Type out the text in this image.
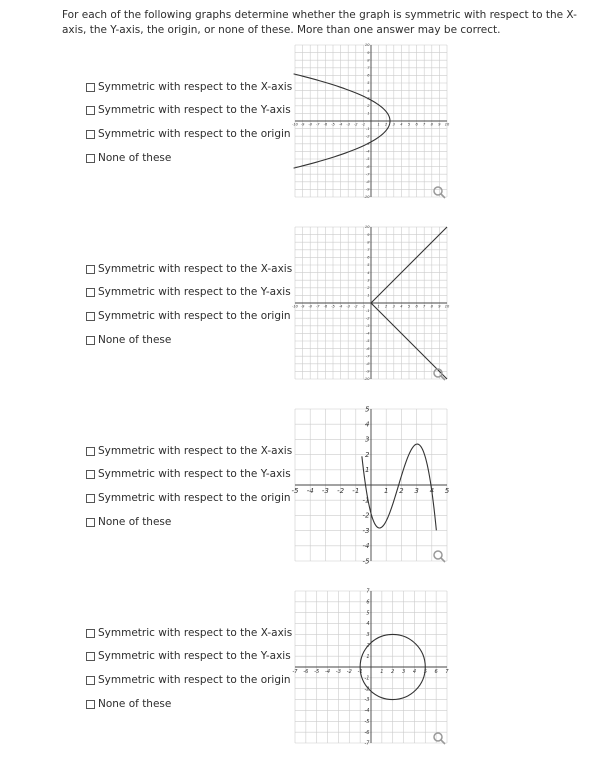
For each of the following graphs determine whether the graph is symmetric with respect to the X-axis, the Y-axis, the origin, or none of these. More than one answer may be correct.
Symmetric with respect to the X-axis
Symmetric with respect to the Y-axis
Symmetric with respect to the origin
None of these
-10 -9 -8 -7 -6 -5 -4 -3 -2 -1	1 2 3 4 5 6 7 8 9 10
10
9
8
7
6
5
4
3
2
1
-1
-2
-3
-4
-5
-6
-7
-8
-9
-10
Symmetric with respect to the X-axis
Symmetric with respect to the Y-axis
Symmetric with respect to the origin
None of these
-10 -9 -8 -7 -6 -5 -4 -3 -2 -1	1 2 3 4 5 6 7 8 9 10
10
9
8
7
6
5
4
3
2
1
-1
-2
-3
-4
-5
-6
-7
-8
-9
-10
Symmetric with respect to the X-axis
Symmetric with respect to the Y-axis
Symmetric with respect to the origin
None of these
-5 -4 -3 -2 -1	1 2 3 4 5
5
4
3
2
1
-1
-2
-3
-4
-5
Symmetric with respect to the X-axis
Symmetric with respect to the Y-axis
Symmetric with respect to the origin
None of these
-7 -6 -5 -4 -3 -2 -1	1 2 3 4 5 6 7
7
6
5
4
3
2
1
-1
-2
-3
-4
-5
-6
-7
